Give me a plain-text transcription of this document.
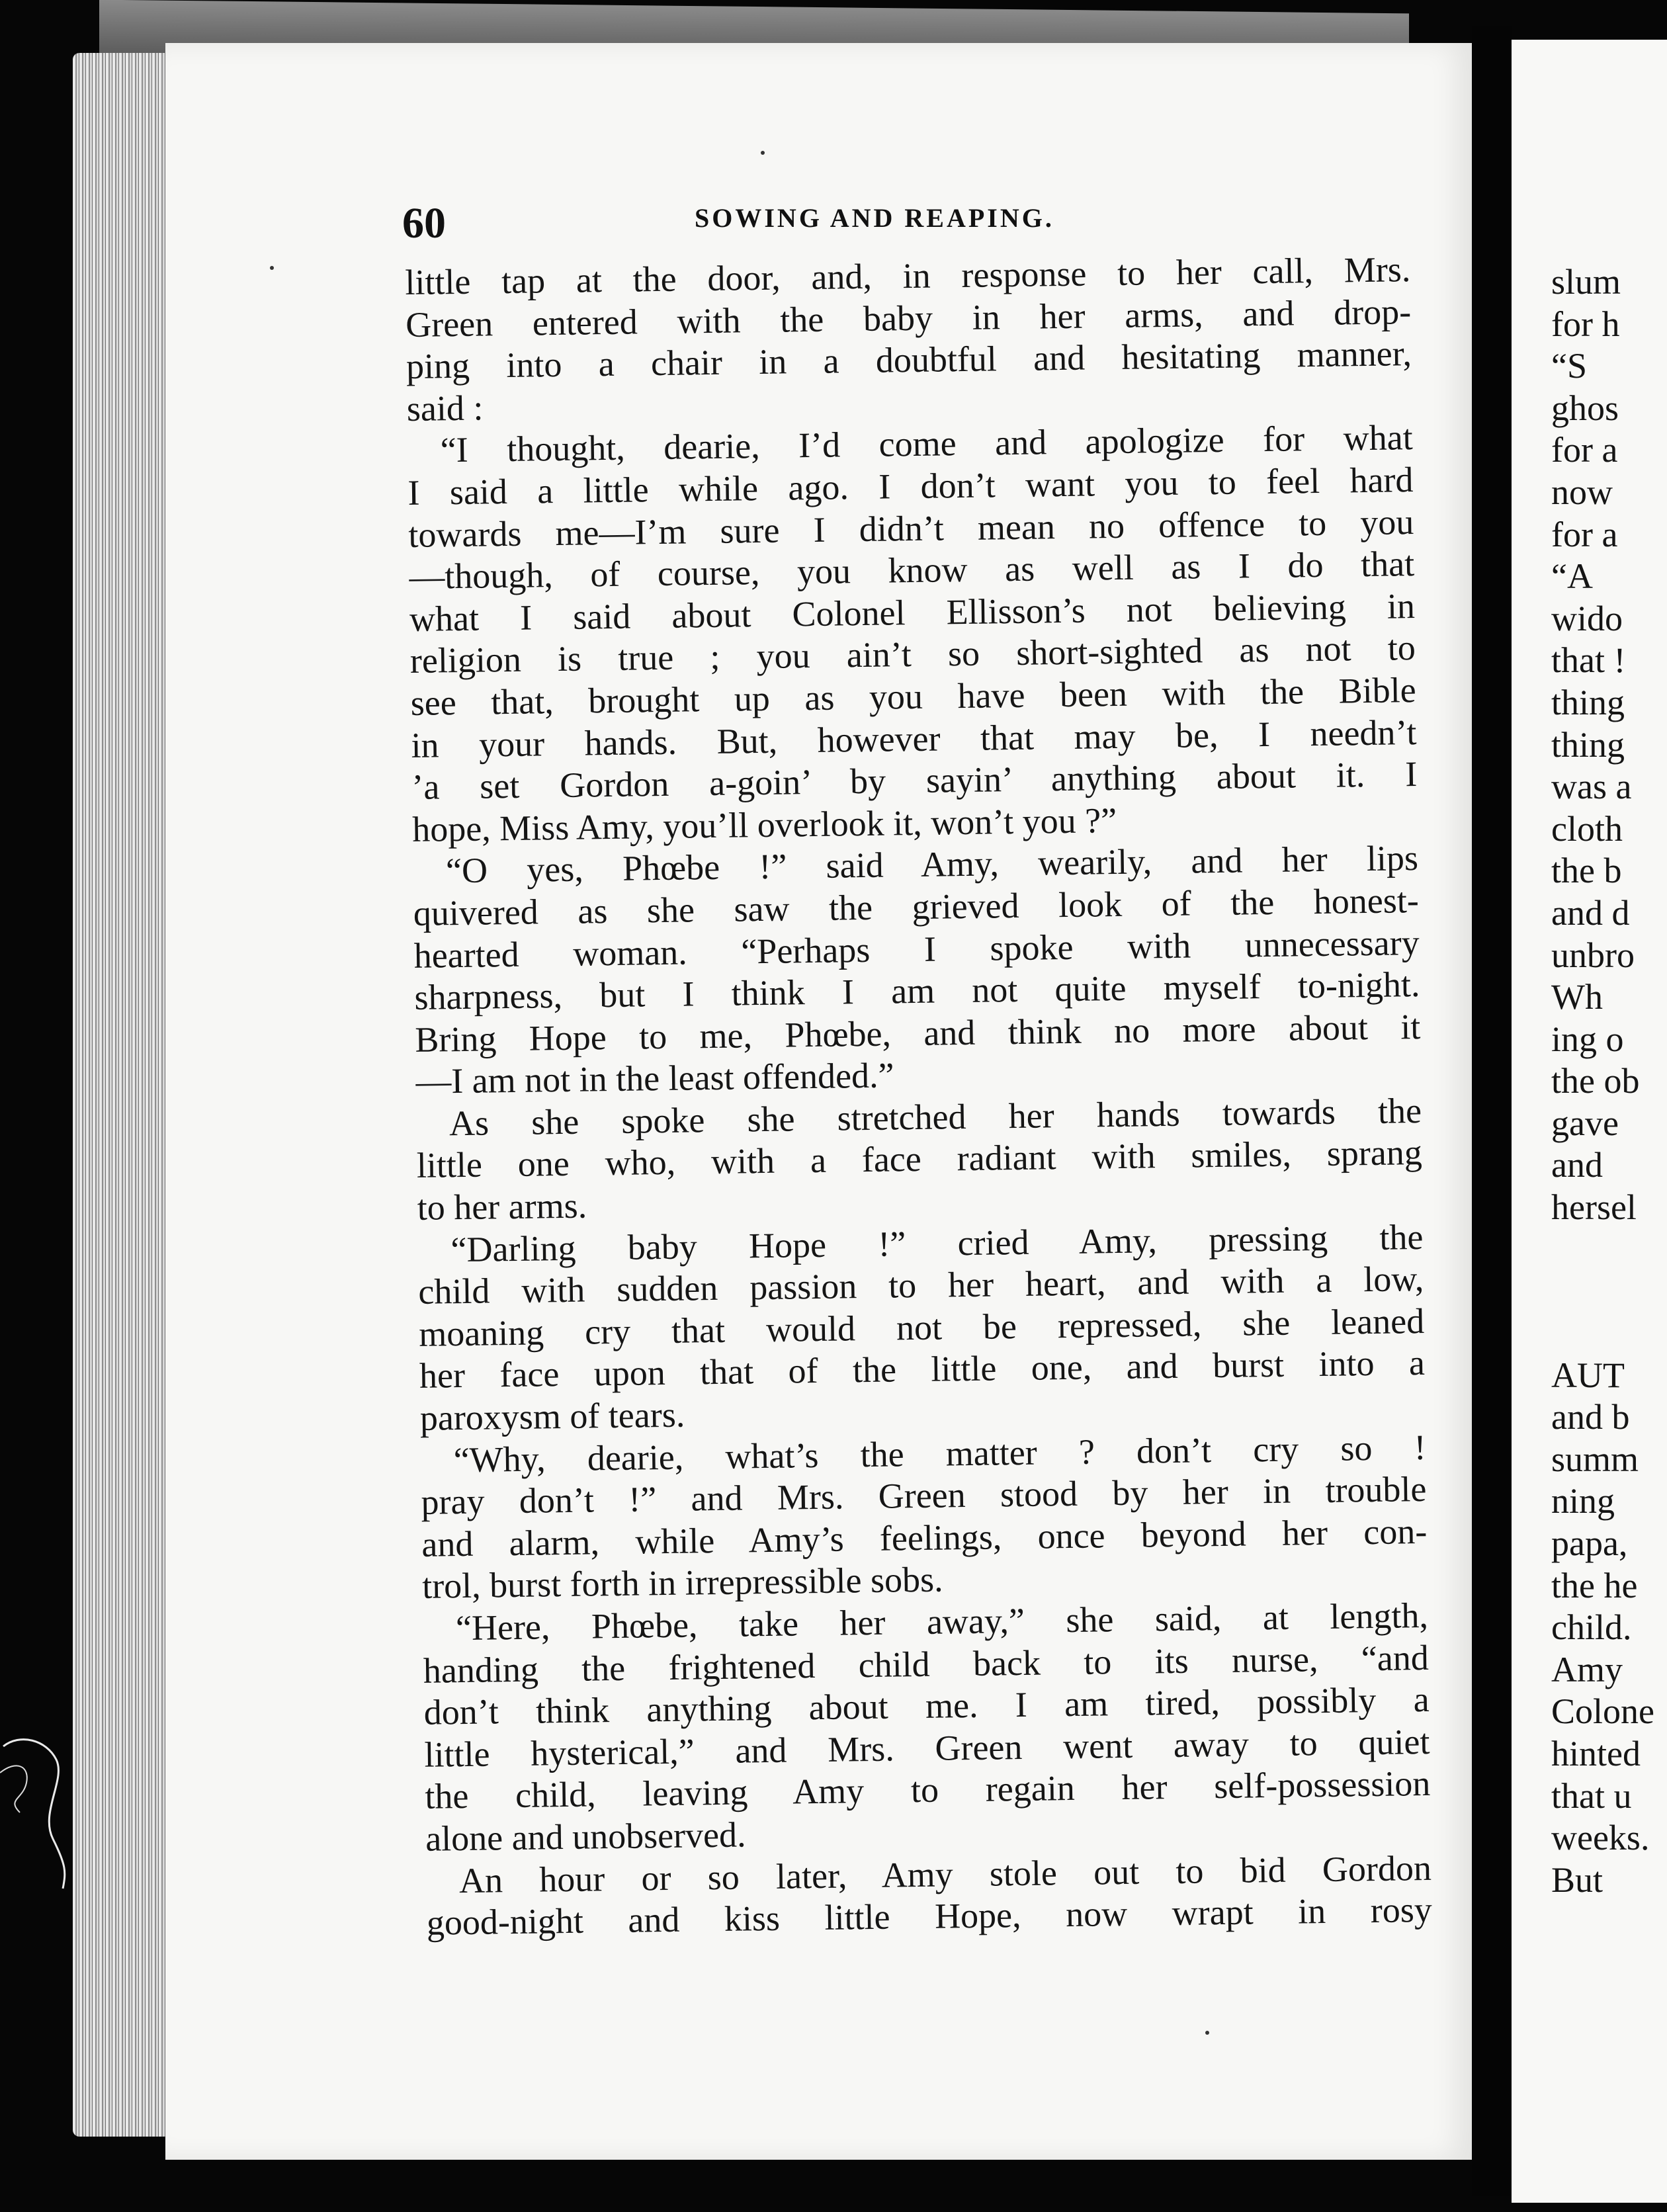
60	SOWING AND REAPING.
little tap at the door, and, in response to her call, Mrs.
Green entered with the baby in her arms, and drop-
ping into a chair in a doubtful and hesitating manner,
said :
“I thought, dearie, I’d come and apologize for what
I said a little while ago. I don’t want you to feel hard
towards me—I’m sure I didn’t mean no offence to you
—though, of course, you know as well as I do that
what I said about Colonel Ellisson’s not believing in
religion is true ; you ain’t so short-sighted as not to
see that, brought up as you have been with the Bible
in your hands. But, however that may be, I needn’t
’a set Gordon a-goin’ by sayin’ anything about it. I
hope, Miss Amy, you’ll overlook it, won’t you ?”
“O yes, Phœbe !” said Amy, wearily, and her lips
quivered as she saw the grieved look of the honest-
hearted woman. “Perhaps I spoke with unnecessary
sharpness, but I think I am not quite myself to-night.
Bring Hope to me, Phœbe, and think no more about it
—I am not in the least offended.”
As she spoke she stretched her hands towards the
little one who, with a face radiant with smiles, sprang
to her arms.
“Darling baby Hope !” cried Amy, pressing the
child with sudden passion to her heart, and with a low,
moaning cry that would not be repressed, she leaned
her face upon that of the little one, and burst into a
paroxysm of tears.
“Why, dearie, what’s the matter ? don’t cry so !
pray don’t !” and Mrs. Green stood by her in trouble
and alarm, while Amy’s feelings, once beyond her con-
trol, burst forth in irrepressible sobs.
“Here, Phœbe, take her away,” she said, at length,
handing the frightened child back to its nurse, “and
don’t think anything about me. I am tired, possibly a
little hysterical,” and Mrs. Green went away to quiet
the child, leaving Amy to regain her self-possession
alone and unobserved.
An hour or so later, Amy stole out to bid Gordon
good-night and kiss little Hope, now wrapt in rosy
slum
for h
“S
ghos
for a
now
for a
“A
wido
that !
thing
thing
was a
cloth
the b
and d
unbro
Wh
ing o
the ob
gave
and
hersel
AUT
and b
summ
ning
papa,
the he
child.
Amy
Colone
hinted
that u
weeks.
But
